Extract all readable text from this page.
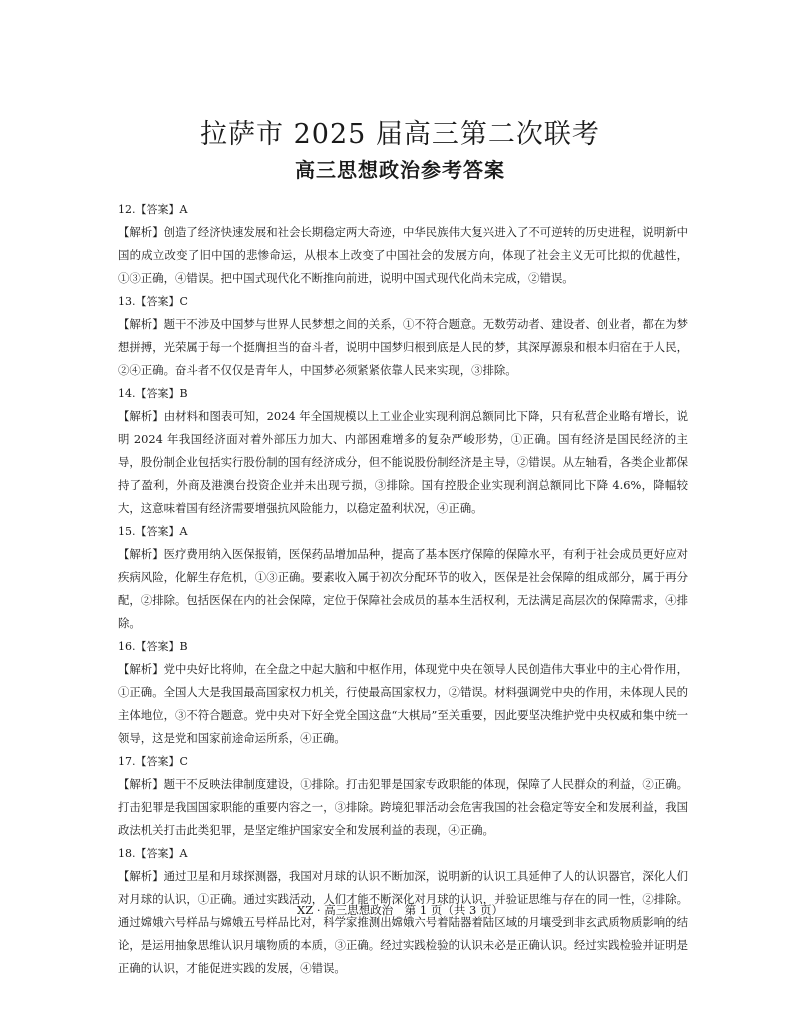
拉萨市 2025 届高三第二次联考
高三思想政治参考答案
12.【答案】A
【解析】创造了经济快速发展和社会长期稳定两大奇迹，中华民族伟大复兴进入了不可逆转的历史进程，说明新中国的成立改变了旧中国的悲惨命运，从根本上改变了中国社会的发展方向，体现了社会主义无可比拟的优越性，①③正确，④错误。把中国式现代化不断推向前进，说明中国式现代化尚未完成，②错误。
13.【答案】C
【解析】题干不涉及中国梦与世界人民梦想之间的关系，①不符合题意。无数劳动者、建设者、创业者，都在为梦想拼搏，光荣属于每一个挺膺担当的奋斗者，说明中国梦归根到底是人民的梦，其深厚源泉和根本归宿在于人民，②④正确。奋斗者不仅仅是青年人，中国梦必须紧紧依靠人民来实现，③排除。
14.【答案】B
【解析】由材料和图表可知，2024 年全国规模以上工业企业实现利润总额同比下降，只有私营企业略有增长，说明 2024 年我国经济面对着外部压力加大、内部困难增多的复杂严峻形势，①正确。国有经济是国民经济的主导，股份制企业包括实行股份制的国有经济成分，但不能说股份制经济是主导，②错误。从左轴看，各类企业都保持了盈利，外商及港澳台投资企业并未出现亏损，③排除。国有控股企业实现利润总额同比下降 4.6%，降幅较大，这意味着国有经济需要增强抗风险能力，以稳定盈利状况，④正确。
15.【答案】A
【解析】医疗费用纳入医保报销，医保药品增加品种，提高了基本医疗保障的保障水平，有利于社会成员更好应对疾病风险，化解生存危机，①③正确。要素收入属于初次分配环节的收入，医保是社会保障的组成部分，属于再分配，②排除。包括医保在内的社会保障，定位于保障社会成员的基本生活权利，无法满足高层次的保障需求，④排除。
16.【答案】B
【解析】党中央好比将帅，在全盘之中起大脑和中枢作用，体现党中央在领导人民创造伟大事业中的主心骨作用，①正确。全国人大是我国最高国家权力机关，行使最高国家权力，②错误。材料强调党中央的作用，未体现人民的主体地位，③不符合题意。党中央对下好全党全国这盘“大棋局”至关重要，因此要坚决维护党中央权威和集中统一领导，这是党和国家前途命运所系，④正确。
17.【答案】C
【解析】题干不反映法律制度建设，①排除。打击犯罪是国家专政职能的体现，保障了人民群众的利益，②正确。打击犯罪是我国国家职能的重要内容之一，③排除。跨境犯罪活动会危害我国的社会稳定等安全和发展利益，我国政法机关打击此类犯罪，是坚定维护国家安全和发展利益的表现，④正确。
18.【答案】A
【解析】通过卫星和月球探测器，我国对月球的认识不断加深，说明新的认识工具延伸了人的认识器官，深化人们对月球的认识，①正确。通过实践活动，人们才能不断深化对月球的认识，并验证思维与存在的同一性，②排除。通过嫦娥六号样品与嫦娥五号样品比对，科学家推测出嫦娥六号着陆器着陆区域的月壤受到非玄武质物质影响的结论，是运用抽象思维认识月壤物质的本质，③正确。经过实践检验的认识未必是正确认识。经过实践检验并证明是正确的认识，才能促进实践的发展，④错误。
XZ · 高三思想政治　第 1 页（共 3 页）
